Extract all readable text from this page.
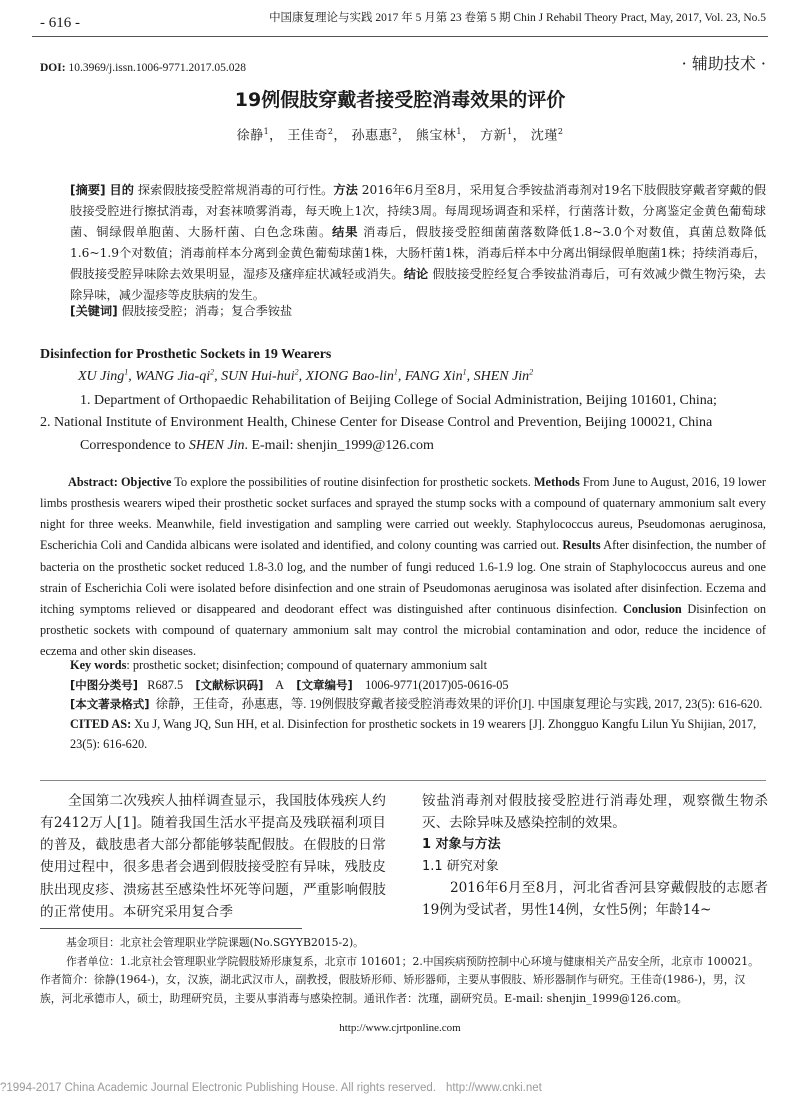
- 616 -	中国康复理论与实践 2017 年 5 月第 23 卷第 5 期 Chin J Rehabil Theory Pract, May, 2017, Vol. 23, No.5
DOI: 10.3969/j.issn.1006-9771.2017.05.028	· 辅助技术 ·
19例假肢穿戴者接受腔消毒效果的评价
徐静$^1$， 王佳奇$^2$， 孙惠惠$^2$， 熊宝林$^1$， 方新$^1$， 沈瑾$^2$
[摘要] 目的 探索假肢接受腔常规消毒的可行性。方法 2016年6月至8月，采用复合季铵盐消毒剂对19名下肢假肢穿戴者穿戴的假肢接受腔进行擦拭消毒，对套袜喷雾消毒，每天晚上1次，持续3周。每周现场调查和采样，行菌落计数，分离鉴定金黄色葡萄球菌、铜绿假单胞菌、大肠杆菌、白色念珠菌。结果 消毒后，假肢接受腔细菌菌落数降低1.8~3.0个对数值，真菌总数降低1.6~1.9个对数值；消毒前样本分离到金黄色葡萄球菌1株，大肠杆菌1株，消毒后样本中分离出铜绿假单胞菌1株；持续消毒后，假肢接受腔异味除去效果明显，湿疹及瘙痒症状减轻或消失。结论 假肢接受腔经复合季铵盐消毒后，可有效减少微生物污染，去除异味，减少湿疹等皮肤病的发生。
[关键词] 假肢接受腔；消毒；复合季铵盐
Disinfection for Prosthetic Sockets in 19 Wearers
XU Jing$^1$, WANG Jia-$qi^2$, SUN Hui-hui$^2$, XIONG Bao-lin$^1$, FANG Xin$^1$, SHEN Jin$^2$
1. Department of Orthopaedic Rehabilitation of Beijing College of Social Administration, Beijing 101601, China;
2. National Institute of Environment Health, Chinese Center for Disease Control and Prevention, Beijing 100021, China
Correspondence to SHEN Jin. E-mail: shenjin_1999@126.com
Abstract: Objective To explore the possibilities of routine disinfection for prosthetic sockets. Methods From June to August, 2016, 19 lower limbs prosthesis wearers wiped their prosthetic socket surfaces and sprayed the stump socks with a compound of quaternary ammonium salt every night for three weeks. Meanwhile, field investigation and sampling were carried out weekly. Staphylococcus aureus, Pseudomonas aeruginosa, Escherichia Coli and Candida albicans were isolated and identified, and colony counting was carried out. Results After disinfection, the number of bacteria on the prosthetic socket reduced 1.8-3.0 log, and the number of fungi reduced 1.6-1.9 log. One strain of Staphylococcus aureus and one strain of Escherichia Coli were isolated before disinfection and one strain of Pseudomonas aeruginosa was isolated after disinfection. Eczema and itching symptoms relieved or disappeared and deodorant effect was distinguished after continuous disinfection. Conclusion Disinfection on prosthetic sockets with compound of quaternary ammonium salt may control the microbial contamination and odor, reduce the incidence of eczema and other skin diseases.
Key words: prosthetic socket; disinfection; compound of quaternary ammonium salt
[中图分类号] R687.5 [文献标识码] A [文章编号] 1006-9771(2017)05-0616-05
[本文著录格式] 徐静，王佳奇，孙惠惠，等. 19例假肢穿戴者接受腔消毒效果的评价[J]. 中国康复理论与实践, 2017, 23(5): 616-620.
CITED AS: Xu J, Wang JQ, Sun HH, et al. Disinfection for prosthetic sockets in 19 wearers [J]. Zhongguo Kangfu Lilun Yu Shijian, 2017, 23(5): 616-620.
全国第二次残疾人抽样调查显示，我国肢体残疾人约有2412万人[1]。随着我国生活水平提高及残联福利项目的普及，截肢患者大部分都能够装配假肢。在假肢的日常使用过程中，很多患者会遇到假肢接受腔有异味，残肢皮肤出现皮疹、溃疡甚至感染性坏死等问题，严重影响假肢的正常使用。本研究采用复合季
铵盐消毒剂对假肢接受腔进行消毒处理，观察微生物杀灭、去除异味及感染控制的效果。
1 对象与方法
1.1 研究对象
2016年6月至8月，河北省香河县穿戴假肢的志愿者19例为受试者，男性14例，女性5例；年龄14~
基金项目：北京社会管理职业学院课题(No.SGYYB2015-2)。
作者单位：1.北京社会管理职业学院假肢矫形康复系，北京市 101601；2.中国疾病预防控制中心环境与健康相关产品安全所，北京市 100021。作者简介：徐静(1964-)，女，汉族，湖北武汉市人，副教授，假肢矫形师、矫形器师，主要从事假肢、矫形器制作与研究。王佳奇(1986-)，男，汉族，河北承德市人，硕士，助理研究员，主要从事消毒与感染控制。通讯作者：沈瑾，副研究员。E-mail: shenjin_1999@126.com。
http://www.cjrtponline.com
?1994-2017 China Academic Journal Electronic Publishing House. All rights reserved. http://www.cnki.net
